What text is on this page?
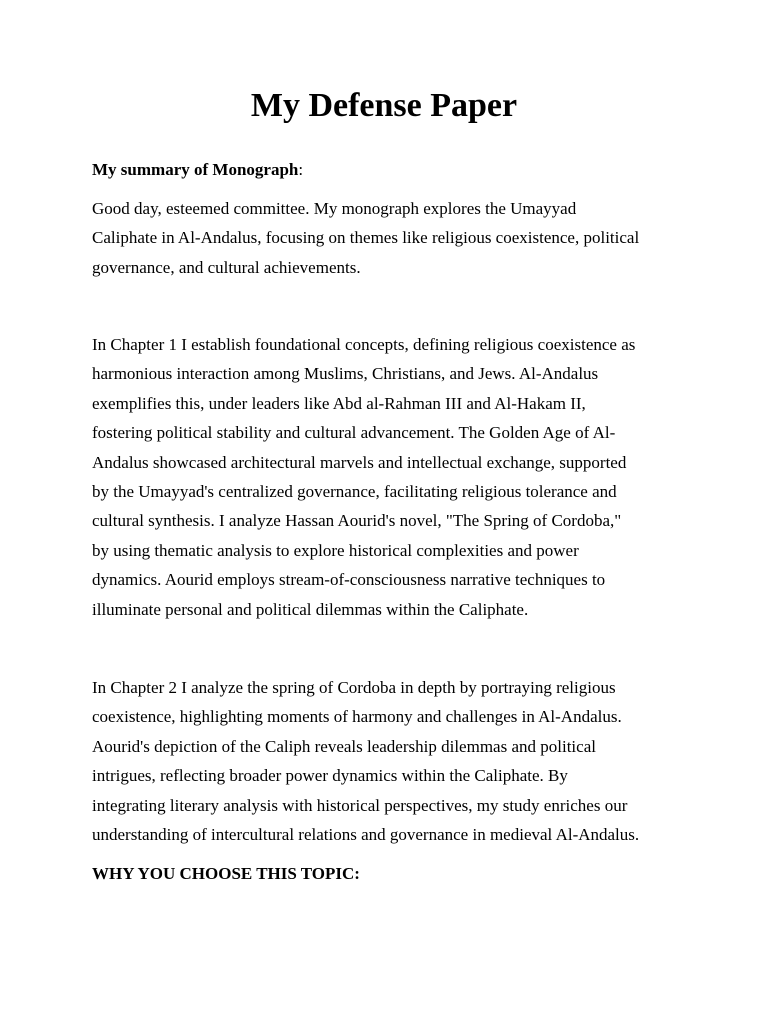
My Defense Paper

My summary of Monograph:

Good day, esteemed committee. My monograph explores the Umayyad
Caliphate in Al-Andalus, focusing on themes like religious coexistence, political
governance, and cultural achievements.

In Chapter 1 I establish foundational concepts, defining religious coexistence as
harmonious interaction among Muslims, Christians, and Jews. Al-Andalus
exemplifies this, under leaders like Abd al-Rahman III and Al-Hakam II,
fostering political stability and cultural advancement. The Golden Age of Al-
Andalus showcased architectural marvels and intellectual exchange, supported
by the Umayyad's centralized governance, facilitating religious tolerance and
cultural synthesis. I analyze Hassan Aourid's novel, "The Spring of Cordoba,"
by using thematic analysis to explore historical complexities and power
dynamics. Aourid employs stream-of-consciousness narrative techniques to
illuminate personal and political dilemmas within the Caliphate.

In Chapter 2 I analyze the spring of Cordoba in depth by portraying religious
coexistence, highlighting moments of harmony and challenges in Al-Andalus.
Aourid's depiction of the Caliph reveals leadership dilemmas and political
intrigues, reflecting broader power dynamics within the Caliphate. By
integrating literary analysis with historical perspectives, my study enriches our
understanding of intercultural relations and governance in medieval Al-Andalus.

WHY YOU CHOOSE THIS TOPIC:
